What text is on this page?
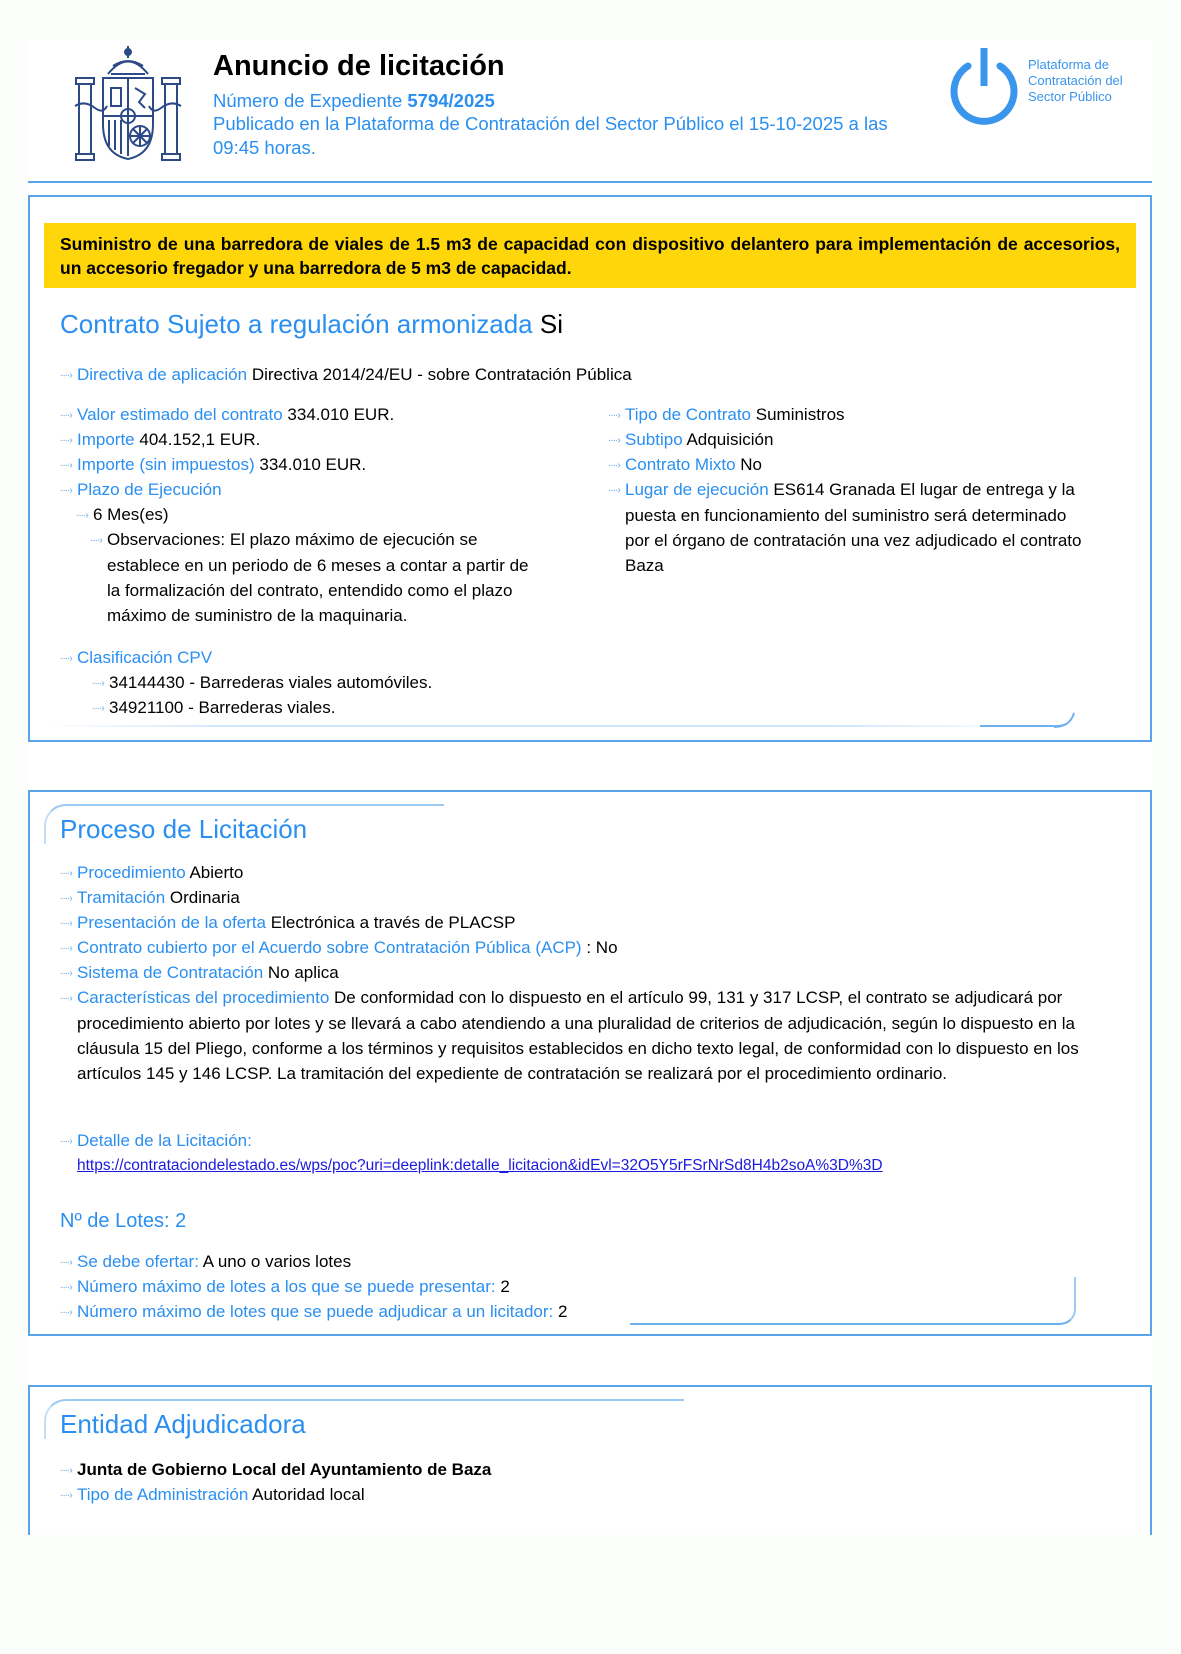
Anuncio de licitación
Número de Expediente 5794/2025
Publicado en la Plataforma de Contratación del Sector Público el 15-10-2025 a las 09:45 horas.
Plataforma de Contratación del Sector Público
Suministro de una barredora de viales de 1.5 m3 de capacidad con dispositivo delantero para implementación de accesorios, un accesorio fregador y una barredora de 5 m3 de capacidad.
Contrato Sujeto a regulación armonizada Si
····› Directiva de aplicación Directiva 2014/24/EU - sobre Contratación Pública
····› Valor estimado del contrato 334.010 EUR.
····› Importe 404.152,1 EUR.
····› Importe (sin impuestos) 334.010 EUR.
····› Plazo de Ejecución
····› 6 Mes(es)
····› Observaciones: El plazo máximo de ejecución se establece en un periodo de 6 meses a contar a partir de la formalización del contrato, entendido como el plazo máximo de suministro de la maquinaria.
····› Tipo de Contrato Suministros
····› Subtipo Adquisición
····› Contrato Mixto No
····› Lugar de ejecución ES614 Granada El lugar de entrega y la puesta en funcionamiento del suministro será determinado por el órgano de contratación una vez adjudicado el contrato Baza
····› Clasificación CPV
····› 34144430 - Barrederas viales automóviles.
····› 34921100 - Barrederas viales.
Proceso de Licitación
····› Procedimiento Abierto
····› Tramitación Ordinaria
····› Presentación de la oferta Electrónica a través de PLACSP
····› Contrato cubierto por el Acuerdo sobre Contratación Pública (ACP) : No
····› Sistema de Contratación No aplica
····› Características del procedimiento De conformidad con lo dispuesto en el artículo 99, 131 y 317 LCSP, el contrato se adjudicará por procedimiento abierto por lotes y se llevará a cabo atendiendo a una pluralidad de criterios de adjudicación, según lo dispuesto en la cláusula 15 del Pliego, conforme a los términos y requisitos establecidos en dicho texto legal, de conformidad con lo dispuesto en los artículos 145 y 146 LCSP. La tramitación del expediente de contratación se realizará por el procedimiento ordinario.
····› Detalle de la Licitación:
https://contrataciondelestado.es/wps/poc?uri=deeplink:detalle_licitacion&idEvl=32O5Y5rFSrNrSd8H4b2soA%3D%3D
Nº de Lotes: 2
····› Se debe ofertar: A uno o varios lotes
····› Número máximo de lotes a los que se puede presentar: 2
····› Número máximo de lotes que se puede adjudicar a un licitador: 2
Entidad Adjudicadora
····› Junta de Gobierno Local del Ayuntamiento de Baza
····› Tipo de Administración Autoridad local
